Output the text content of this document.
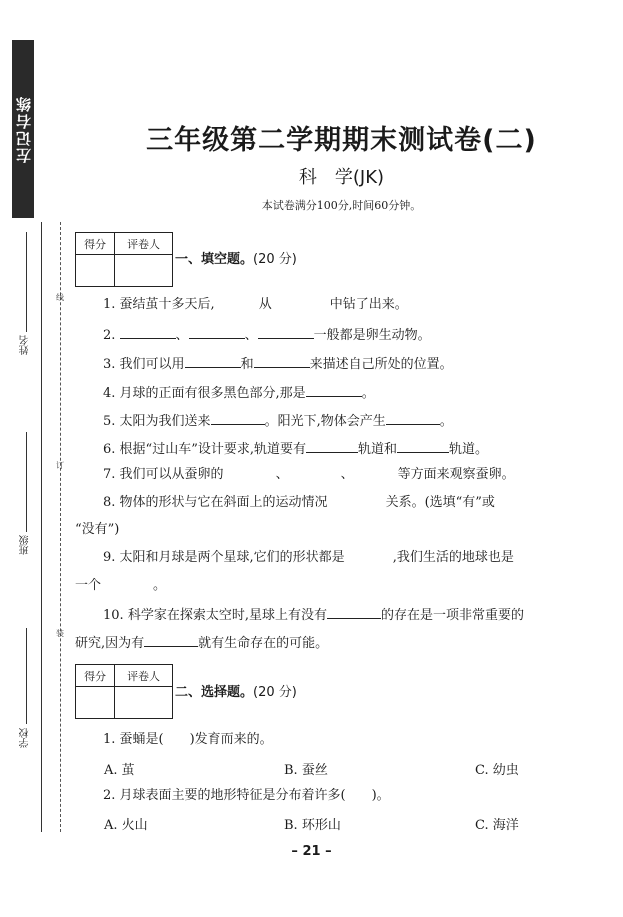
左记右练
姓名
班级
学校
线
订
装
三年级第二学期期末测试卷(二)
科　学(JK)
本试卷满分100分,时间60分钟。
得分	评卷人

一、填空题。(20 分)
1. 蚕结茧十多天后,	从	中钻了出来。
2.	、	、	一般都是卵生动物。
3. 我们可以用	和	来描述自己所处的位置。
4. 月球的正面有很多黑色部分,那是	。
5. 太阳为我们送来	。阳光下,物体会产生	。
6. 根据“过山车”设计要求,轨道要有	轨道和	轨道。
7. 我们可以从蚕卵的	、	、	等方面来观察蚕卵。
8. 物体的形状与它在斜面上的运动情况	关系。(选填“有”或
“没有”)
9. 太阳和月球是两个星球,它们的形状都是	,我们生活的地球也是
一个	。
10. 科学家在探索太空时,星球上有没有	的存在是一项非常重要的
研究,因为有	就有生命存在的可能。
得分	评卷人

二、选择题。(20 分)
1. 蚕蛹是(　　)发育而来的。
A. 茧	B. 蚕丝	C. 幼虫
2. 月球表面主要的地形特征是分布着许多(　　)。
A. 火山	B. 环形山	C. 海洋
– 21 –
